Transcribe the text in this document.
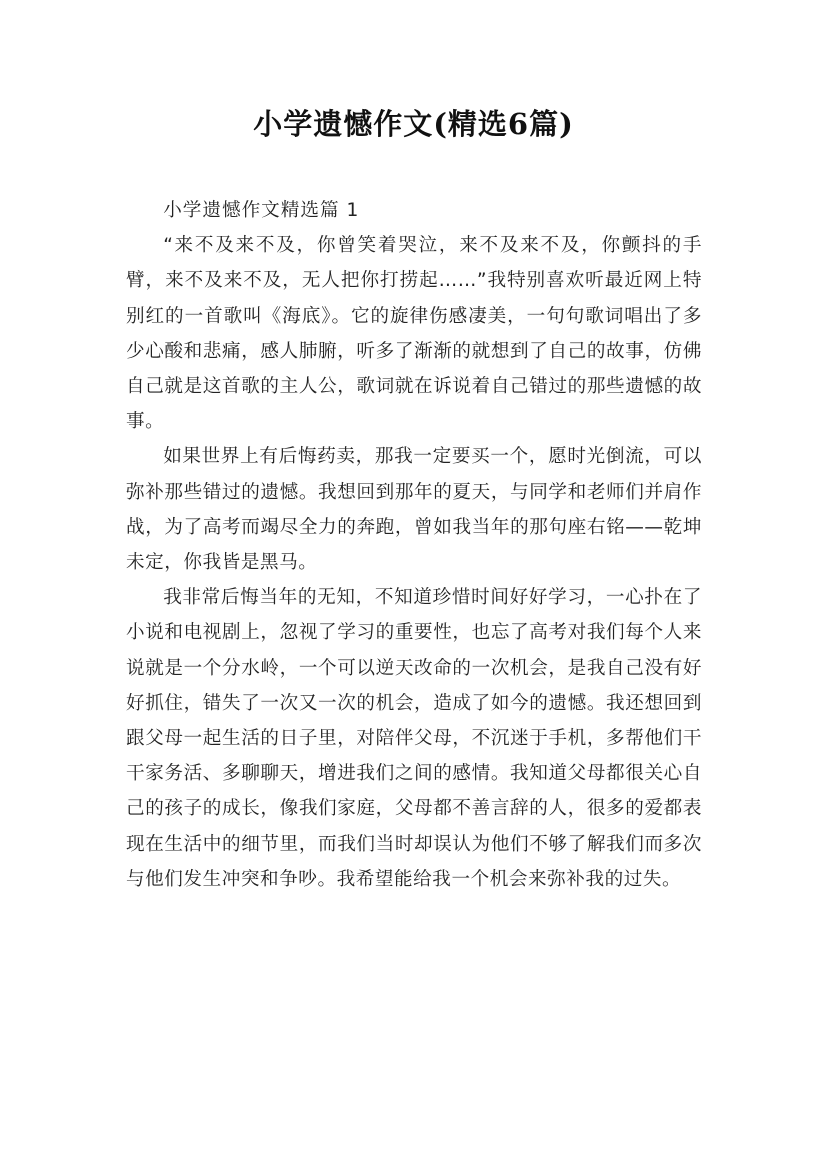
小学遗憾作文(精选6篇)

小学遗憾作文精选篇 1

“来不及来不及，你曾笑着哭泣，来不及来不及，你颤抖的手臂，来不及来不及，无人把你打捞起……”我特别喜欢听最近网上特别红的一首歌叫《海底》。它的旋律伤感凄美，一句句歌词唱出了多少心酸和悲痛，感人肺腑，听多了渐渐的就想到了自己的故事，仿佛自己就是这首歌的主人公，歌词就在诉说着自己错过的那些遗憾的故事。

如果世界上有后悔药卖，那我一定要买一个，愿时光倒流，可以弥补那些错过的遗憾。我想回到那年的夏天，与同学和老师们并肩作战，为了高考而竭尽全力的奔跑，曾如我当年的那句座右铭——乾坤未定，你我皆是黑马。

我非常后悔当年的无知，不知道珍惜时间好好学习，一心扑在了小说和电视剧上，忽视了学习的重要性，也忘了高考对我们每个人来说就是一个分水岭，一个可以逆天改命的一次机会，是我自己没有好好抓住，错失了一次又一次的机会，造成了如今的遗憾。我还想回到跟父母一起生活的日子里，对陪伴父母，不沉迷于手机，多帮他们干干家务活、多聊聊天，增进我们之间的感情。我知道父母都很关心自己的孩子的成长，像我们家庭，父母都不善言辞的人，很多的爱都表现在生活中的细节里，而我们当时却误认为他们不够了解我们而多次与他们发生冲突和争吵。我希望能给我一个机会来弥补我的过失。
